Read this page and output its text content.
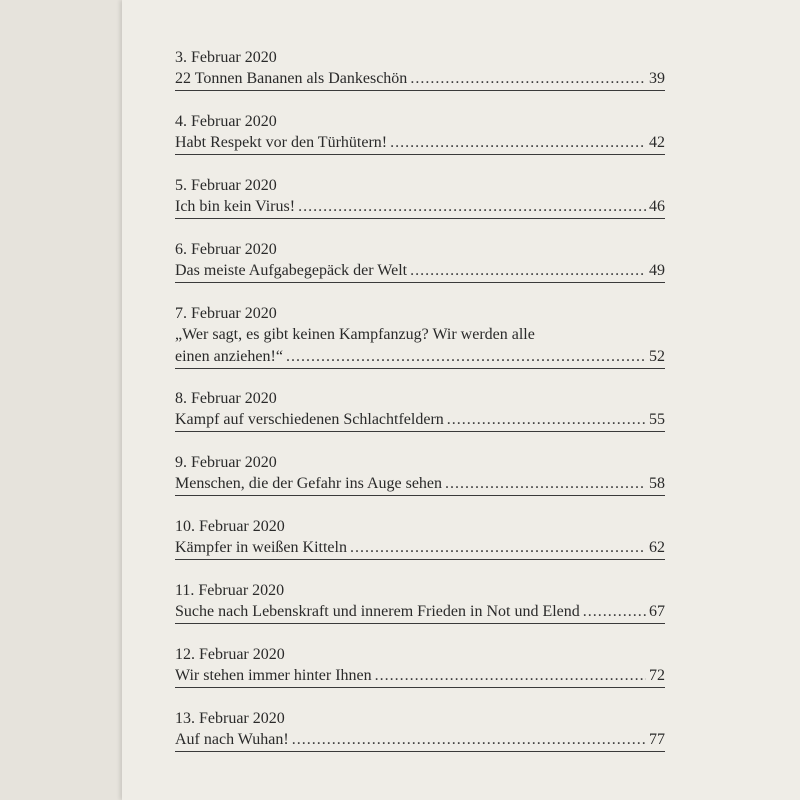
3. Februar 2020
22 Tonnen Bananen als Dankeschön .....	39
4. Februar 2020
Habt Respekt vor den Türhütern! .....	42
5. Februar 2020
Ich bin kein Virus! .....	46
6. Februar 2020
Das meiste Aufgabegepäck der Welt .....	49
7. Februar 2020
„Wer sagt, es gibt keinen Kampfanzug? Wir werden alle
einen anziehen!“ .....	52
8. Februar 2020
Kampf auf verschiedenen Schlachtfeldern .....	55
9. Februar 2020
Menschen, die der Gefahr ins Auge sehen .....	58
10. Februar 2020
Kämpfer in weißen Kitteln .....	62
11. Februar 2020
Suche nach Lebenskraft und innerem Frieden in Not und Elend .....	67
12. Februar 2020
Wir stehen immer hinter Ihnen .....	72
13. Februar 2020
Auf nach Wuhan! .....	77
